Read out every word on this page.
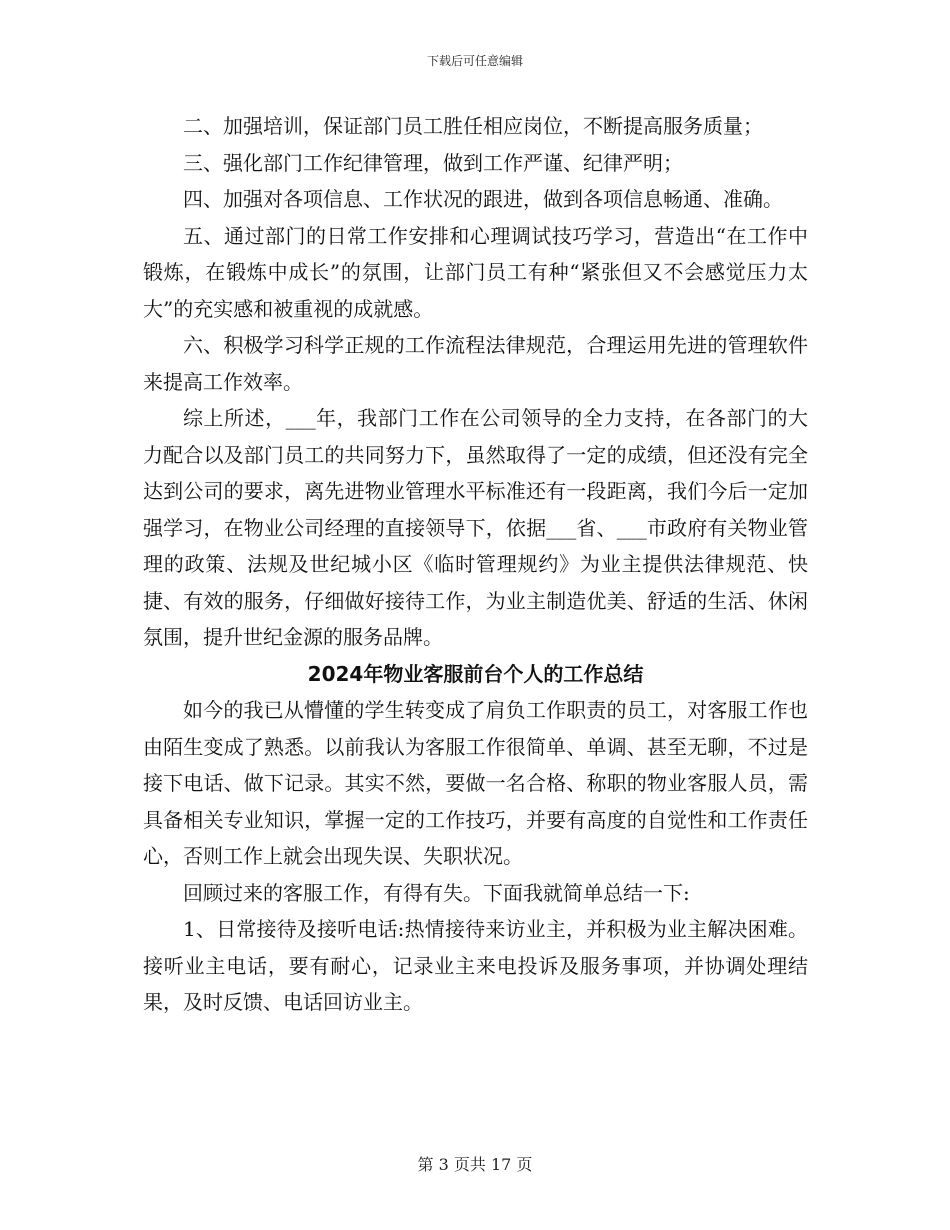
下载后可任意编辑

二、加强培训，保证部门员工胜任相应岗位，不断提高服务质量；

三、强化部门工作纪律管理，做到工作严谨、纪律严明；

四、加强对各项信息、工作状况的跟进，做到各项信息畅通、准确。

五、通过部门的日常工作安排和心理调试技巧学习，营造出“在工作中锻炼，在锻炼中成长”的氛围，让部门员工有种“紧张但又不会感觉压力太大”的充实感和被重视的成就感。

六、积极学习科学正规的工作流程法律规范，合理运用先进的管理软件来提高工作效率。

综上所述，___年，我部门工作在公司领导的全力支持，在各部门的大力配合以及部门员工的共同努力下，虽然取得了一定的成绩，但还没有完全达到公司的要求，离先进物业管理水平标准还有一段距离，我们今后一定加强学习，在物业公司经理的直接领导下，依据___省、___市政府有关物业管理的政策、法规及世纪城小区《临时管理规约》为业主提供法律规范、快捷、有效的服务，仔细做好接待工作，为业主制造优美、舒适的生活、休闲氛围，提升世纪金源的服务品牌。

2024年物业客服前台个人的工作总结

如今的我已从懵懂的学生转变成了肩负工作职责的员工，对客服工作也由陌生变成了熟悉。以前我认为客服工作很简单、单调、甚至无聊，不过是接下电话、做下记录。其实不然，要做一名合格、称职的物业客服人员，需具备相关专业知识，掌握一定的工作技巧，并要有高度的自觉性和工作责任心，否则工作上就会出现失误、失职状况。

回顾过来的客服工作，有得有失。下面我就简单总结一下:

1、日常接待及接听电话:热情接待来访业主，并积极为业主解决困难。接听业主电话，要有耐心，记录业主来电投诉及服务事项，并协调处理结果，及时反馈、电话回访业主。

第 3 页共 17 页
